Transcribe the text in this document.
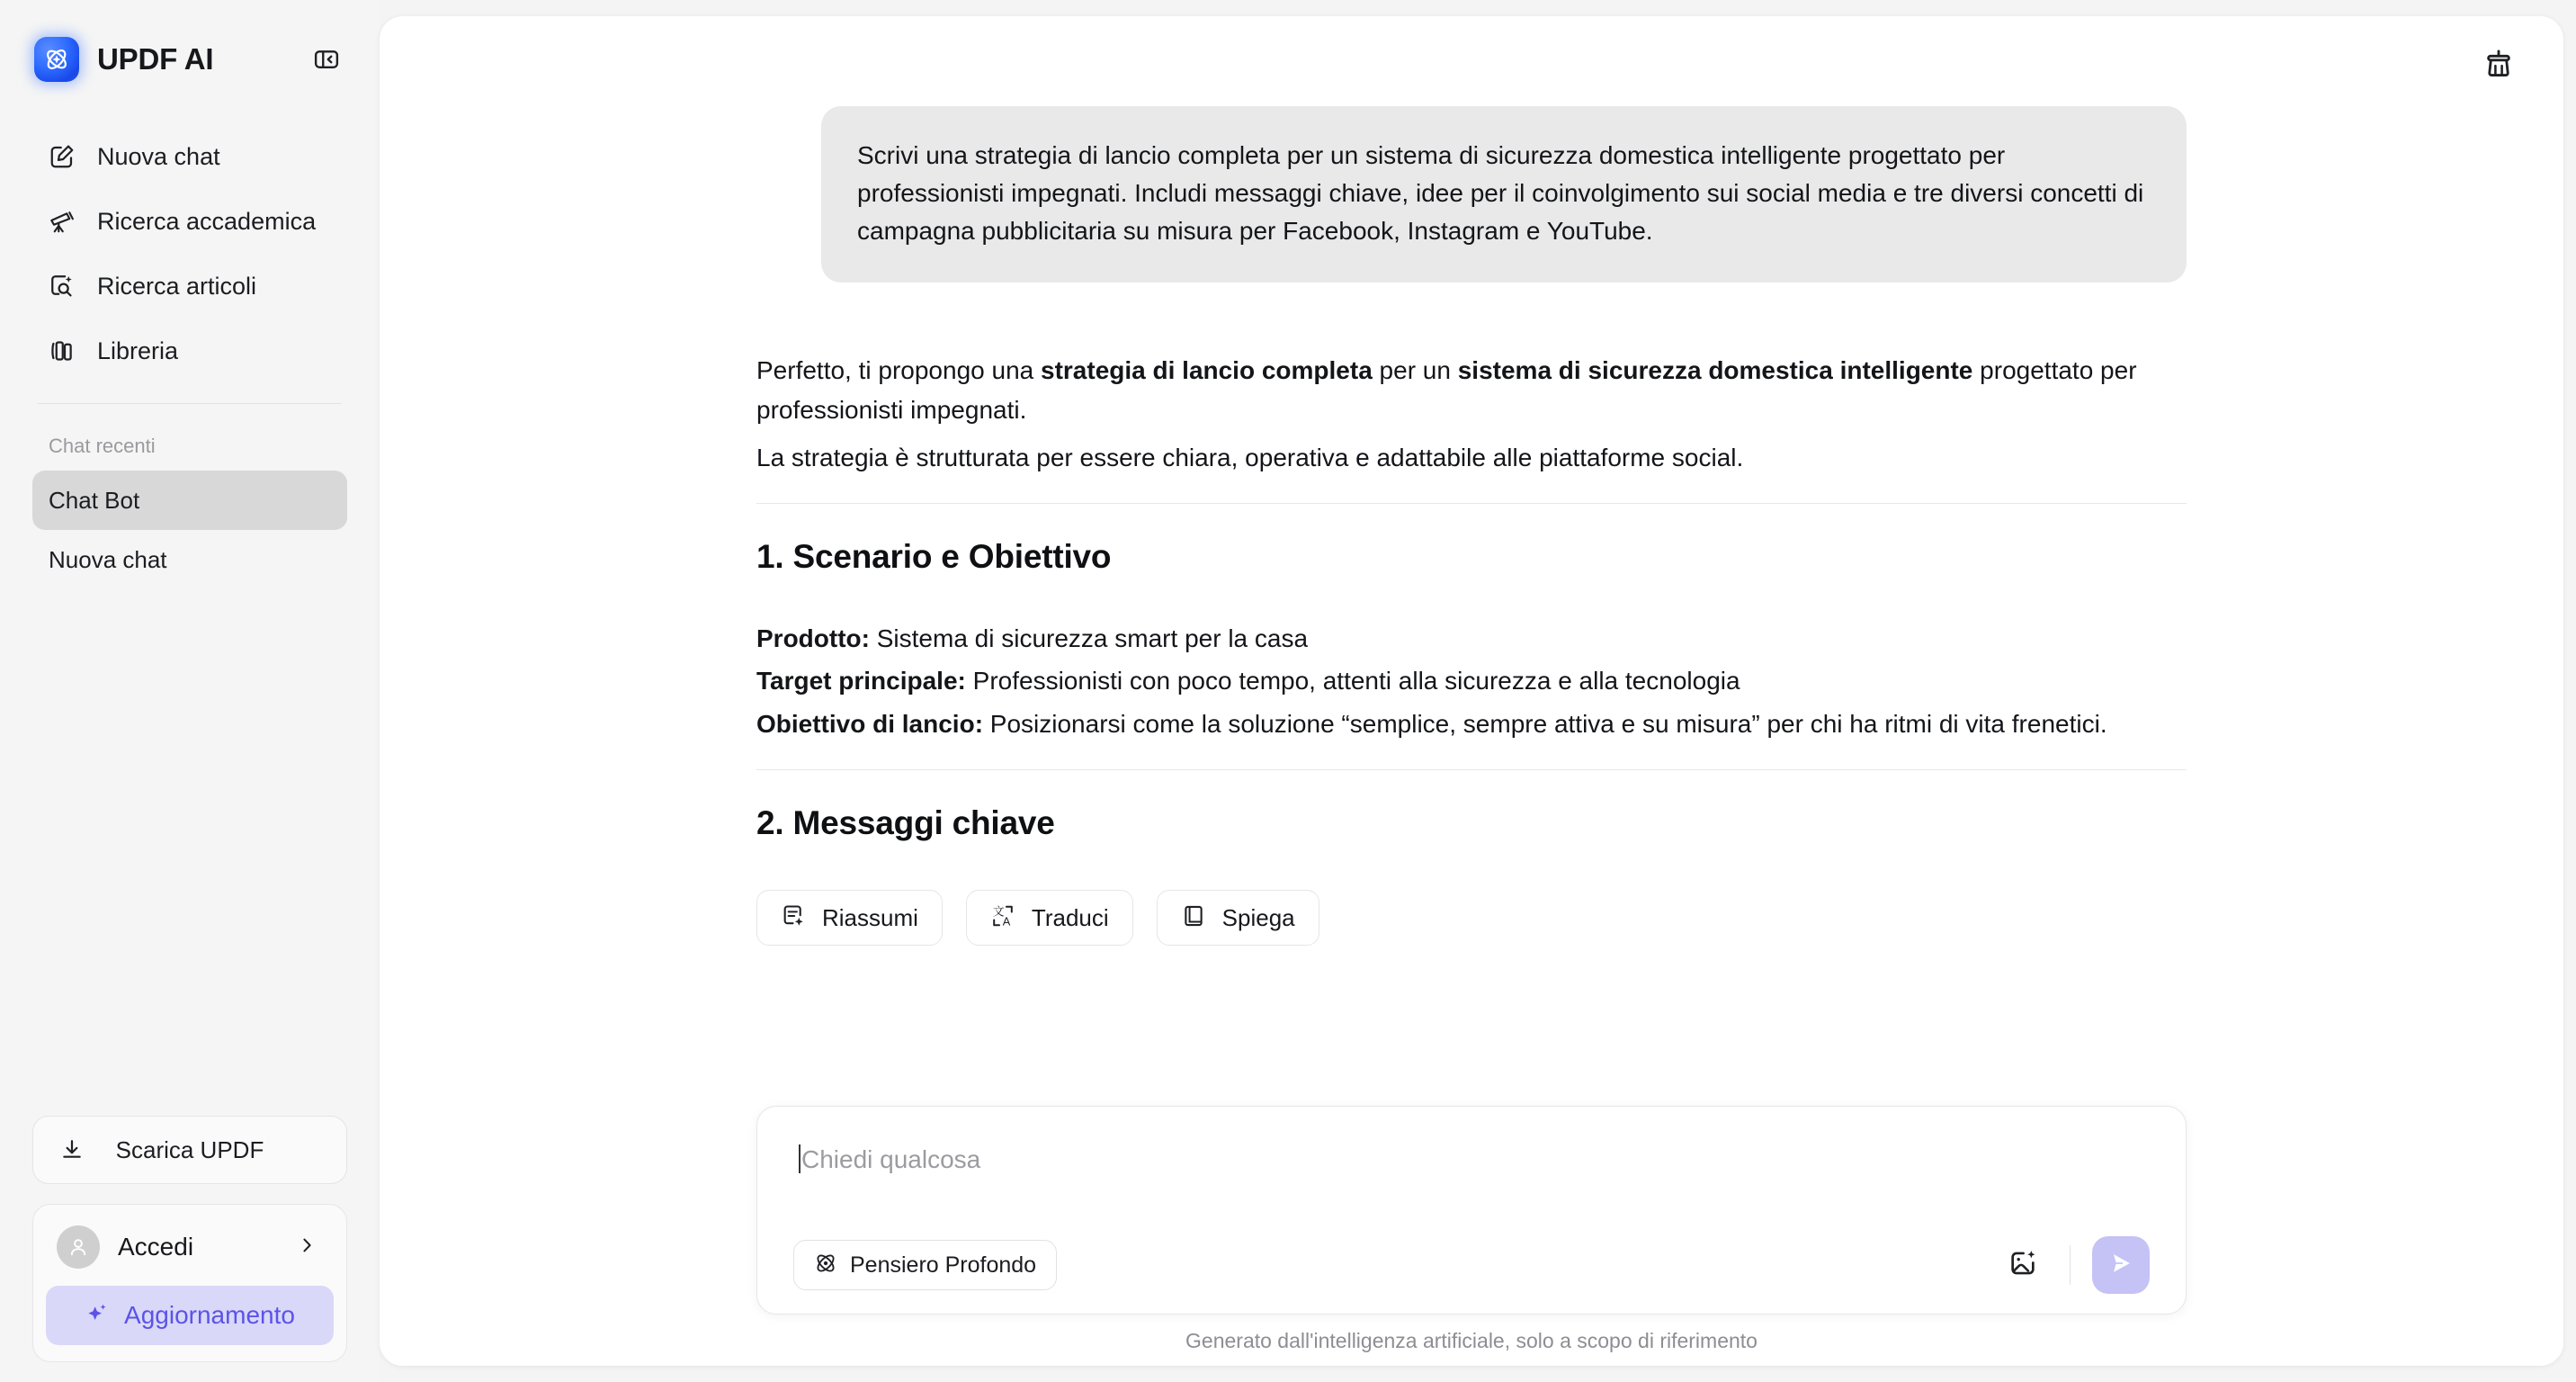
UPDF AI
Nuova chat
Ricerca accademica
Ricerca articoli
Libreria
Chat recenti
Chat Bot
Nuova chat
Scarica UPDF
Accedi
Aggiornamento
Scrivi una strategia di lancio completa per un sistema di sicurezza domestica intelligente progettato per professionisti impegnati. Includi messaggi chiave, idee per il coinvolgimento sui social media e tre diversi concetti di campagna pubblicitaria su misura per Facebook, Instagram e YouTube.

Perfetto, ti propongo una strategia di lancio completa per un sistema di sicurezza domestica intelligente progettato per professionisti impegnati.

La strategia è strutturata per essere chiara, operativa e adattabile alle piattaforme social.

1. Scenario e Obiettivo

Prodotto: Sistema di sicurezza smart per la casa

Target principale: Professionisti con poco tempo, attenti alla sicurezza e alla tecnologia

Obiettivo di lancio: Posizionarsi come la soluzione “semplice, sempre attiva e su misura” per chi ha ritmi di vita frenetici.

2. Messaggi chiave
Riassumi	文
A Traduci	Spiega
Chiedi qualcosa
Pensiero Profondo
Generato dall'intelligenza artificiale, solo a scopo di riferimento
